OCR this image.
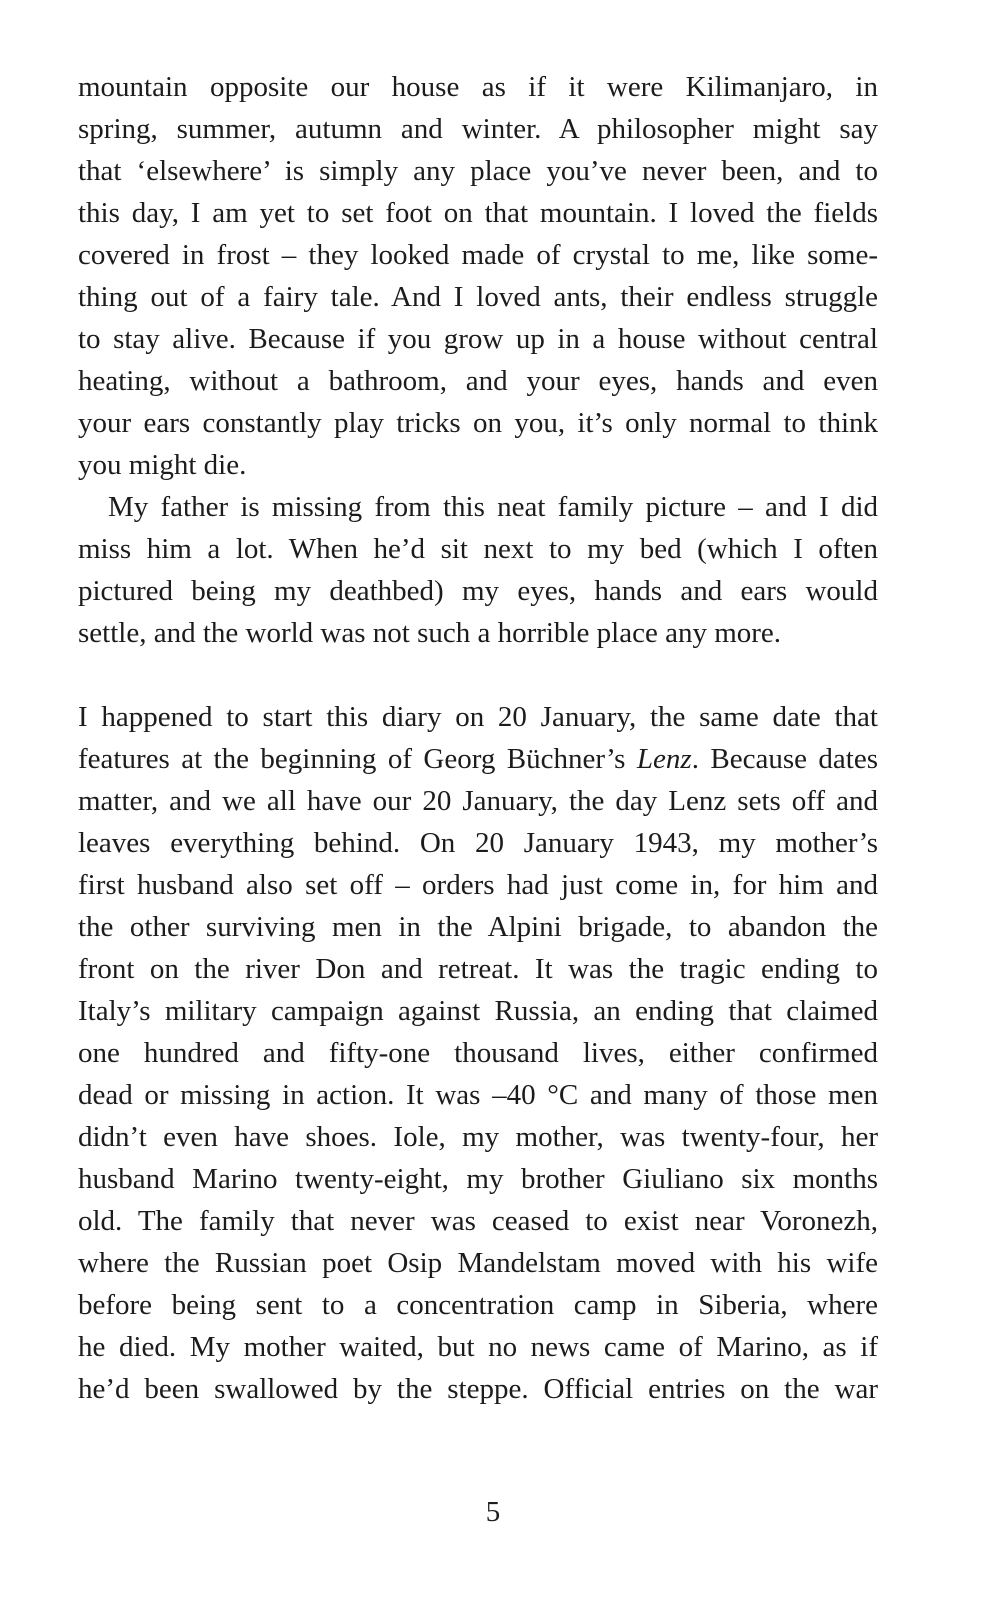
mountain opposite our house as if it were Kilimanjaro, in
spring, summer, autumn and winter. A philosopher might say
that ‘elsewhere’ is simply any place you’ve never been, and to
this day, I am yet to set foot on that mountain. I loved the fields
covered in frost – they looked made of crystal to me, like some-
thing out of a fairy tale. And I loved ants, their endless struggle
to stay alive. Because if you grow up in a house without central
heating, without a bathroom, and your eyes, hands and even
your ears constantly play tricks on you, it’s only normal to think
you might die.
My father is missing from this neat family picture – and I did
miss him a lot. When he’d sit next to my bed (which I often
pictured being my deathbed) my eyes, hands and ears would
settle, and the world was not such a horrible place any more.
I happened to start this diary on 20 January, the same date that
features at the beginning of Georg Büchner’s Lenz. Because dates
matter, and we all have our 20 January, the day Lenz sets off and
leaves everything behind. On 20 January 1943, my mother’s
first husband also set off – orders had just come in, for him and
the other surviving men in the Alpini brigade, to abandon the
front on the river Don and retreat. It was the tragic ending to
Italy’s military campaign against Russia, an ending that claimed
one hundred and fifty-one thousand lives, either confirmed
dead or missing in action. It was –40 °C and many of those men
didn’t even have shoes. Iole, my mother, was twenty-four, her
husband Marino twenty-eight, my brother Giuliano six months
old. The family that never was ceased to exist near Voronezh,
where the Russian poet Osip Mandelstam moved with his wife
before being sent to a concentration camp in Siberia, where
he died. My mother waited, but no news came of Marino, as if
he’d been swallowed by the steppe. Official entries on the war
5
